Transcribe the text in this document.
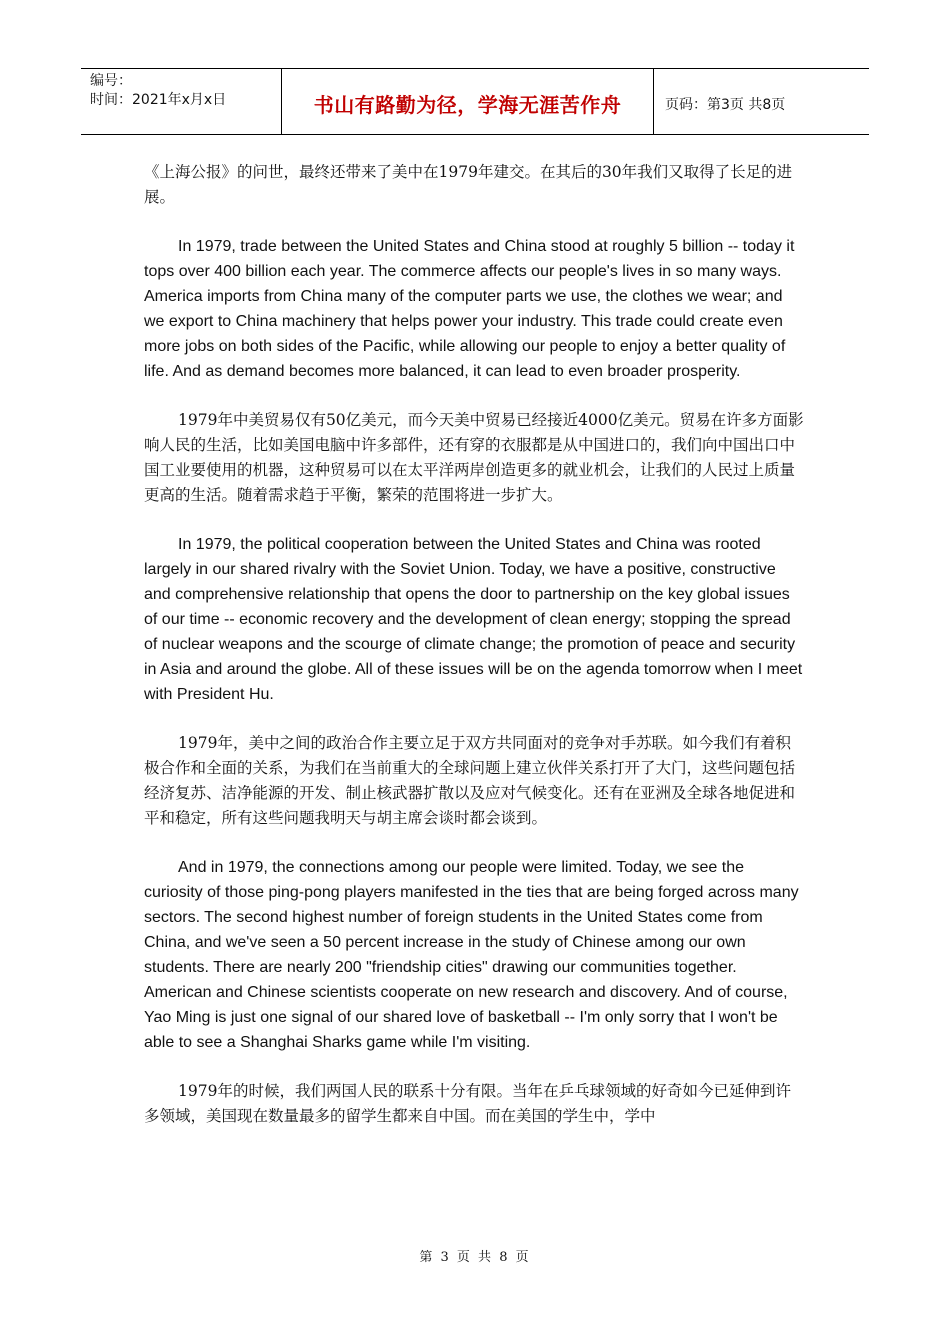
编号：
时间：2021年x月x日	书山有路勤为径，学海无涯苦作舟	页码：第3页 共8页

《上海公报》的问世，最终还带来了美中在1979年建交。在其后的30年我们又取得了长足的进展。

In 1979, trade between the United States and China stood at roughly 5 billion -- today it tops over 400 billion each year. The commerce affects our people's lives in so many ways. America imports from China many of the computer parts we use, the clothes we wear; and we export to China machinery that helps power your industry. This trade could create even more jobs on both sides of the Pacific, while allowing our people to enjoy a better quality of life. And as demand becomes more balanced, it can lead to even broader prosperity.

1979年中美贸易仅有50亿美元，而今天美中贸易已经接近4000亿美元。贸易在许多方面影响人民的生活，比如美国电脑中许多部件，还有穿的衣服都是从中国进口的，我们向中国出口中国工业要使用的机器，这种贸易可以在太平洋两岸创造更多的就业机会，让我们的人民过上质量更高的生活。随着需求趋于平衡，繁荣的范围将进一步扩大。

In 1979, the political cooperation between the United States and China was rooted largely in our shared rivalry with the Soviet Union. Today, we have a positive, constructive and comprehensive relationship that opens the door to partnership on the key global issues of our time -- economic recovery and the development of clean energy; stopping the spread of nuclear weapons and the scourge of climate change; the promotion of peace and security in Asia and around the globe. All of these issues will be on the agenda tomorrow when I meet with President Hu.

1979年，美中之间的政治合作主要立足于双方共同面对的竞争对手苏联。如今我们有着积极合作和全面的关系，为我们在当前重大的全球问题上建立伙伴关系打开了大门，这些问题包括经济复苏、洁净能源的开发、制止核武器扩散以及应对气候变化。还有在亚洲及全球各地促进和平和稳定，所有这些问题我明天与胡主席会谈时都会谈到。

And in 1979, the connections among our people were limited. Today, we see the curiosity of those ping-pong players manifested in the ties that are being forged across many sectors. The second highest number of foreign students in the United States come from China, and we've seen a 50 percent increase in the study of Chinese among our own students. There are nearly 200 "friendship cities" drawing our communities together. American and Chinese scientists cooperate on new research and discovery. And of course, Yao Ming is just one signal of our shared love of basketball -- I'm only sorry that I won't be able to see a Shanghai Sharks game while I'm visiting.

1979年的时候，我们两国人民的联系十分有限。当年在乒乓球领域的好奇如今已延伸到许多领域，美国现在数量最多的留学生都来自中国。而在美国的学生中，学中

第 3 页 共 8 页
